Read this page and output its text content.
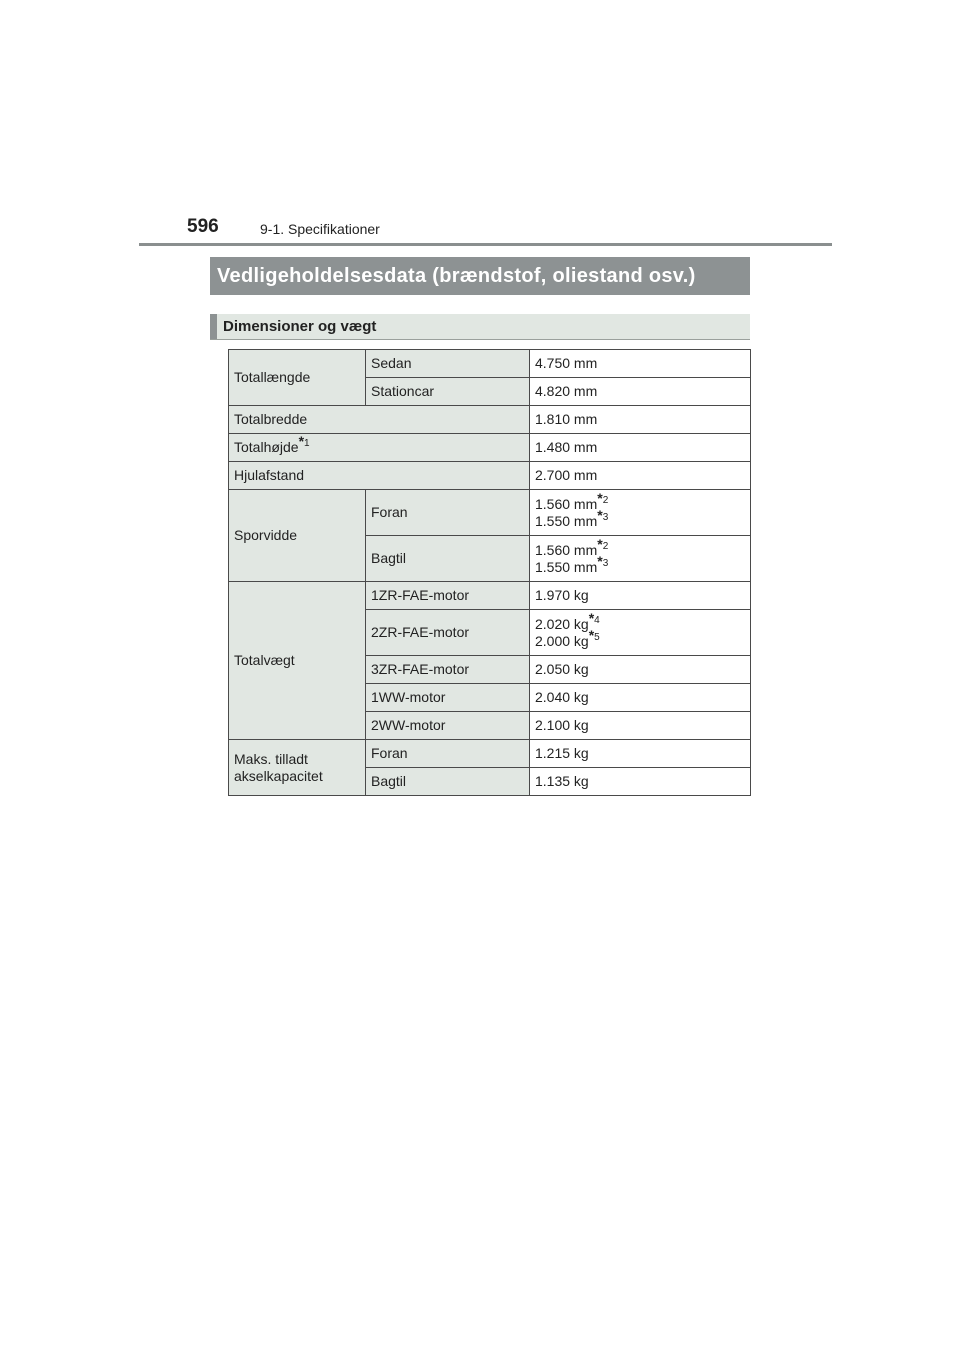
596	9-1. Specifikationer
Vedligeholdelsesdata (brændstof, oliestand osv.)
Dimensioner og vægt
Totallængde	Sedan	4.750 mm
	Stationcar	4.820 mm
Totalbredde		1.810 mm
Totalhøjde$^{*1}$		1.480 mm
Hjulafstand		2.700 mm
Sporvidde	Foran	1.560 $mm^{*2}$
1.550 $mm^{*3}$

	Bagtil	1.560 $mm^{*2}$
1.550 $mm^{*3}$

Totalvægt	1ZR-FAE-motor	1.970 kg
	2ZR-FAE-motor	2.020 $kg^{*4}$
2.000 $kg^{*5}$

	3ZR-FAE-motor	2.050 kg
	1WW-motor	2.040 kg
	2WW-motor	2.100 kg

Maks. tilladt
akselkapacitet	Foran	1.215 kg
	Bagtil	1.135 kg
